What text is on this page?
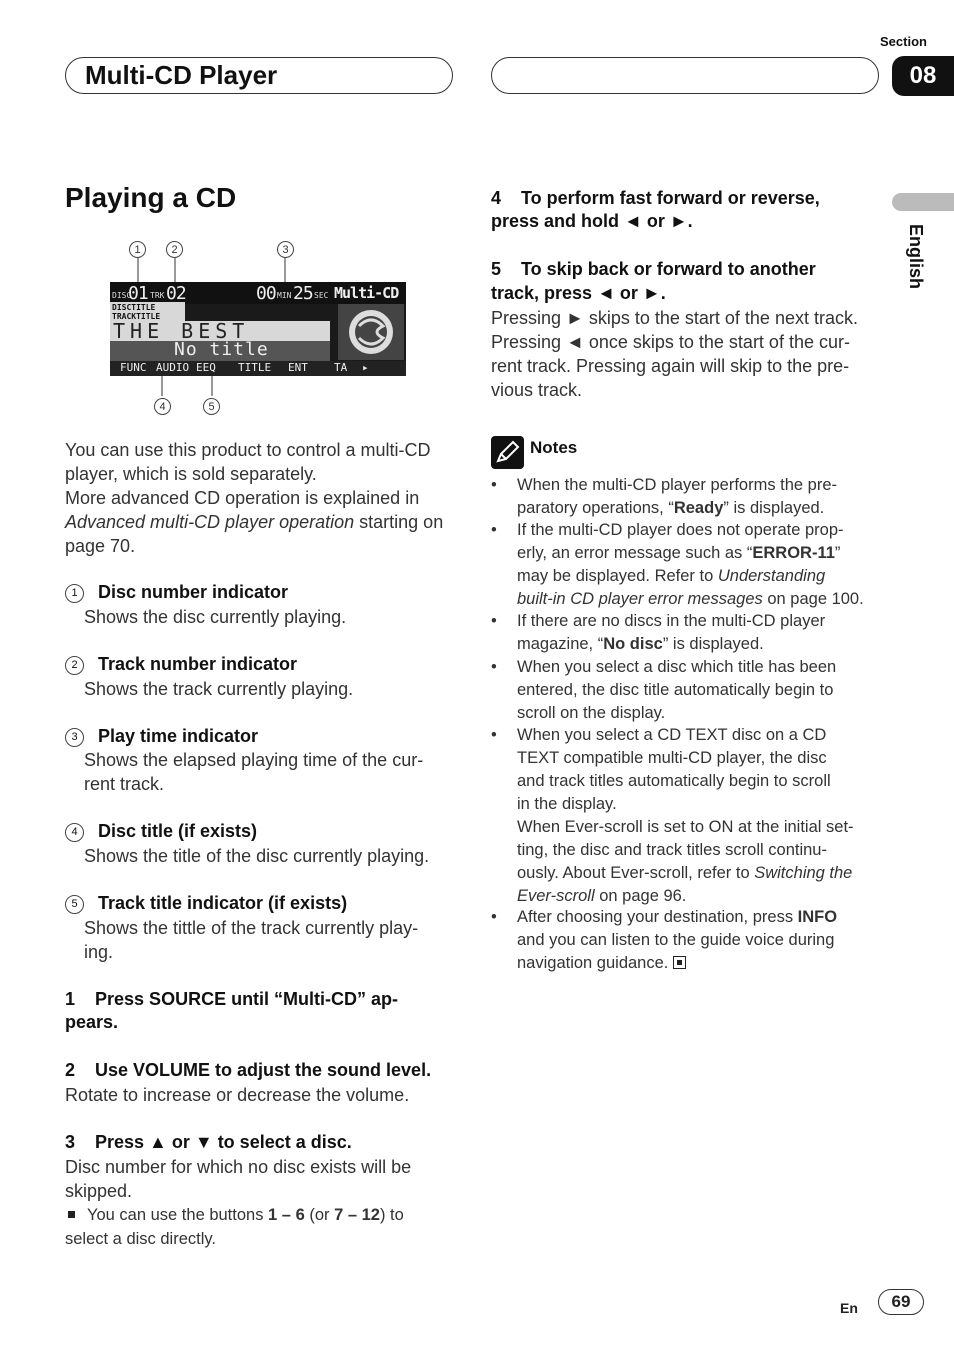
Section
Multi-CD Player	08
English
Playing a CD
1	2	3
4	5
DISC
01 TRK 02	00 MIN 25 SEC Multi-CD
DISCTITLE
TRACKTITLE
THE BEST
No title
FUNC AUDIO EEQ	TITLE	ENT	TA	▸
You can use this product to control a multi-CD player, which is sold separately.
More advanced CD operation is explained in Advanced multi-CD player operation starting on page 70.
1 Disc number indicator
Shows the disc currently playing.
2 Track number indicator
Shows the track currently playing.
3 Play time indicator
Shows the elapsed playing time of the cur-
rent track.
4 Disc title (if exists)
Shows the title of the disc currently playing.
5 Track title indicator (if exists)
Shows the tittle of the track currently play-
ing.
1    Press SOURCE until “Multi-CD” ap-
pears.
2    Use VOLUME to adjust the sound level.
Rotate to increase or decrease the volume.
3    Press ▲ or ▼ to select a disc.
Disc number for which no disc exists will be
skipped.
You can use the buttons 1 – 6 (or 7 – 12) to
select a disc directly.
4    To perform fast forward or reverse,
press and hold ◄ or ►.
5    To skip back or forward to another
track, press ◄ or ►.
Pressing ► skips to the start of the next track.
Pressing ◄ once skips to the start of the cur-
rent track. Pressing again will skip to the pre-
vious track.
Notes
• When the multi-CD player performs the pre-
paratory operations, “Ready” is displayed.
• If the multi-CD player does not operate prop-
erly, an error message such as “ERROR-11”
may be displayed. Refer to Understanding
built-in CD player error messages on page 100.
• If there are no discs in the multi-CD player
magazine, “No disc” is displayed.
• When you select a disc which title has been
entered, the disc title automatically begin to
scroll on the display.
• When you select a CD TEXT disc on a CD
TEXT compatible multi-CD player, the disc
and track titles automatically begin to scroll
in the display.
When Ever-scroll is set to ON at the initial set-
ting, the disc and track titles scroll continu-
ously. About Ever-scroll, refer to Switching the
Ever-scroll on page 96.
• After choosing your destination, press INFO
and you can listen to the guide voice during
navigation guidance.
En	69
